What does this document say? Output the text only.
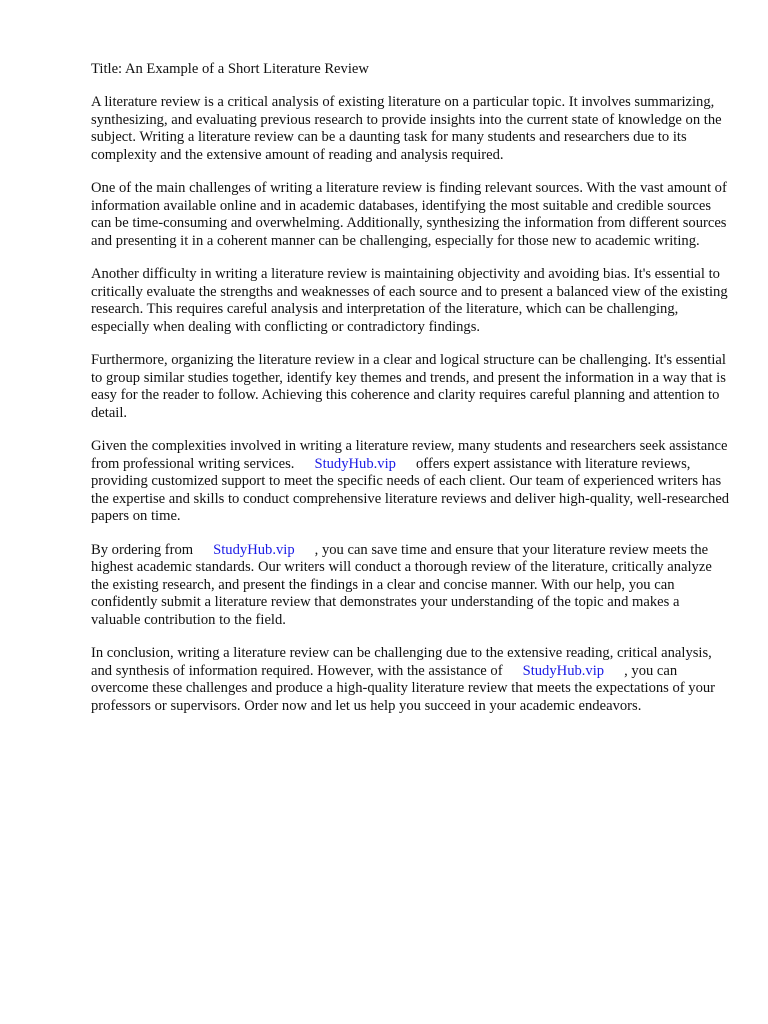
Title: An Example of a Short Literature Review

A literature review is a critical analysis of existing literature on a particular topic. It involves summarizing, synthesizing, and evaluating previous research to provide insights into the current state of knowledge on the subject. Writing a literature review can be a daunting task for many students and researchers due to its complexity and the extensive amount of reading and analysis required.

One of the main challenges of writing a literature review is finding relevant sources. With the vast amount of information available online and in academic databases, identifying the most suitable and credible sources can be time-consuming and overwhelming. Additionally, synthesizing the information from different sources and presenting it in a coherent manner can be challenging, especially for those new to academic writing.

Another difficulty in writing a literature review is maintaining objectivity and avoiding bias. It's essential to critically evaluate the strengths and weaknesses of each source and to present a balanced view of the existing research. This requires careful analysis and interpretation of the literature, which can be challenging, especially when dealing with conflicting or contradictory findings.

Furthermore, organizing the literature review in a clear and logical structure can be challenging. It's essential to group similar studies together, identify key themes and trends, and present the information in a way that is easy for the reader to follow. Achieving this coherence and clarity requires careful planning and attention to detail.

Given the complexities involved in writing a literature review, many students and researchers seek assistance from professional writing services. StudyHub.vip offers expert assistance with literature reviews, providing customized support to meet the specific needs of each client. Our team of experienced writers has the expertise and skills to conduct comprehensive literature reviews and deliver high-quality, well-researched papers on time.

By ordering from StudyHub.vip , you can save time and ensure that your literature review meets the highest academic standards. Our writers will conduct a thorough review of the literature, critically analyze the existing research, and present the findings in a clear and concise manner. With our help, you can confidently submit a literature review that demonstrates your understanding of the topic and makes a valuable contribution to the field.

In conclusion, writing a literature review can be challenging due to the extensive reading, critical analysis, and synthesis of information required. However, with the assistance of StudyHub.vip , you can overcome these challenges and produce a high-quality literature review that meets the expectations of your professors or supervisors. Order now and let us help you succeed in your academic endeavors.
